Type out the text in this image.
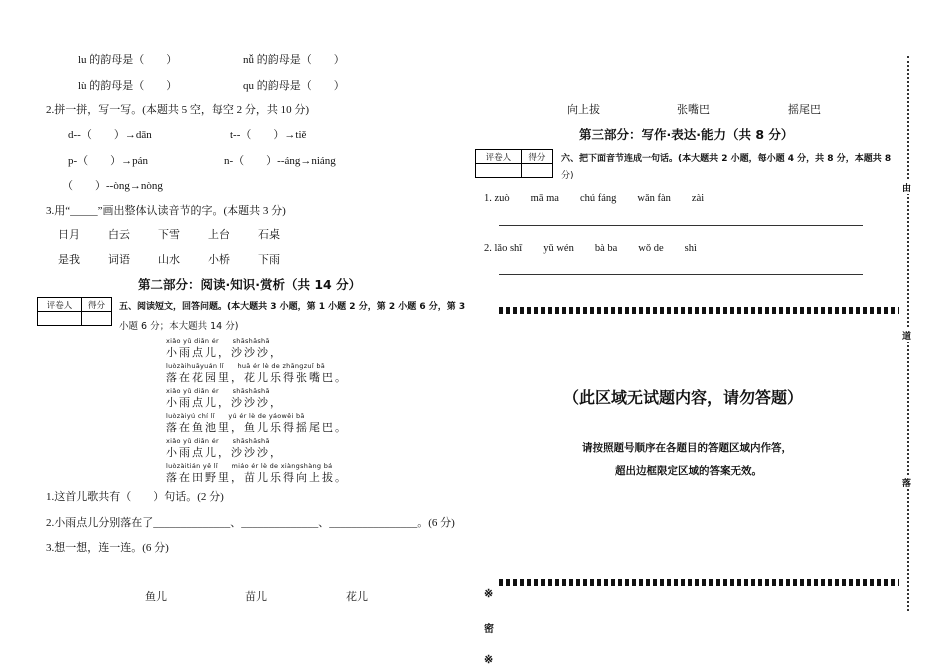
lu 的韵母是（　　）	nǚ 的韵母是（　　）
lù 的韵母是（　　）	qu 的韵母是（　　）
2.拼一拼，写一写。(本题共 5 空，每空 2 分，共 10 分)
d--（　　）→dān	t--（　　）→tiě
p-（　　）→pán	n-（　　）--áng→niáng
（　　）--òng→nòng
3.用“_____”画出整体认读音节的字。(本题共 3 分)
日月	白云	下雪	上台	石桌
是我	词语	山水	小桥	下雨
第二部分：阅读·知识·赏析（共 14 分）
评卷人	得分
	五、阅读短文，回答问题。(本大题共 3 小题，第 1 小题 2 分，第 2 小题 6 分，第 3
小题 6 分；本大题共 14 分)
xiǎo yǔ diǎn ér　　shāshāshā
小雨点儿，沙沙沙，
luòzàihuāyuán lǐ　　huā ér lè de zhāngzuǐ bā
落在花园里，花儿乐得张嘴巴。
xiǎo yǔ diǎn ér　　shāshāshā
小雨点儿，沙沙沙，
luòzàiyú chí lǐ　　yú ér lè de yáowěi bā
落在鱼池里，鱼儿乐得摇尾巴。
xiǎo yǔ diǎn ér　　shāshāshā
小雨点儿，沙沙沙，
luòzàitián yě lǐ　　miáo ér lè de xiàngshàng bá
落在田野里，苗儿乐得向上拔。
1.这首儿歌共有（　　）句话。(2 分)
2.小雨点儿分别落在了______________、______________、________________。(6 分)
3.想一想，连一连。(6 分)
鱼儿	苗儿	花儿
向上拔	张嘴巴	摇尾巴
第三部分：写作·表达·能力（共 8 分）
评卷人	得分
	六、把下面音节连成一句话。(本大题共 2 小题，每小题 4 分，共 8 分，本题共 8
分)
1. zuò　　mā ma　　chú fáng　　wǎn fàn　　zài
2. lǎo shī　　yǔ wén　　bà ba　　wǒ de　　shì
（此区域无试题内容，请勿答题）
请按照题号顺序在各题目的答题区域内作答，
超出边框限定区域的答案无效。
※
密
※
由
道
落
